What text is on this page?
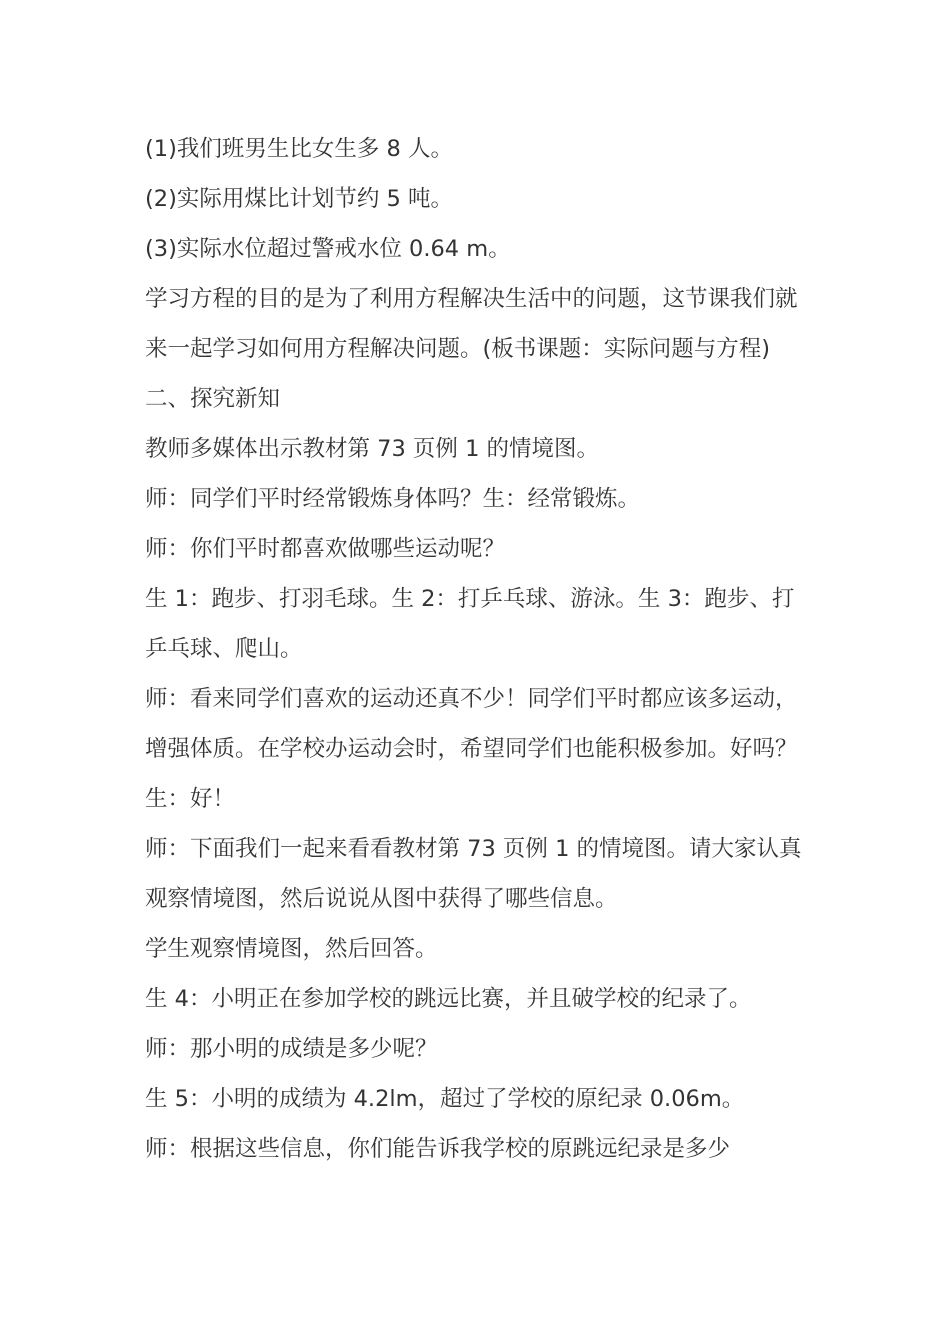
(1)我们班男生比女生多 8 人。

(2)实际用煤比计划节约 5 吨。

(3)实际水位超过警戒水位 0.64 m。

学习方程的目的是为了利用方程解决生活中的问题，这节课我们就来一起学习如何用方程解决问题。(板书课题：实际问题与方程)

二、探究新知

教师多媒体出示教材第 73 页例 1 的情境图。

师：同学们平时经常锻炼身体吗？生：经常锻炼。

师：你们平时都喜欢做哪些运动呢？

生 1：跑步、打羽毛球。生 2：打乒乓球、游泳。生 3：跑步、打乒乓球、爬山。

师：看来同学们喜欢的运动还真不少！同学们平时都应该多运动，增强体质。在学校办运动会时，希望同学们也能积极参加。好吗？生：好！

师：下面我们一起来看看教材第 73 页例 1 的情境图。请大家认真观察情境图，然后说说从图中获得了哪些信息。

学生观察情境图，然后回答。

生 4：小明正在参加学校的跳远比赛，并且破学校的纪录了。

师：那小明的成绩是多少呢？

生 5：小明的成绩为 4.2lm，超过了学校的原纪录 0.06m。

师：根据这些信息，你们能告诉我学校的原跳远纪录是多少
